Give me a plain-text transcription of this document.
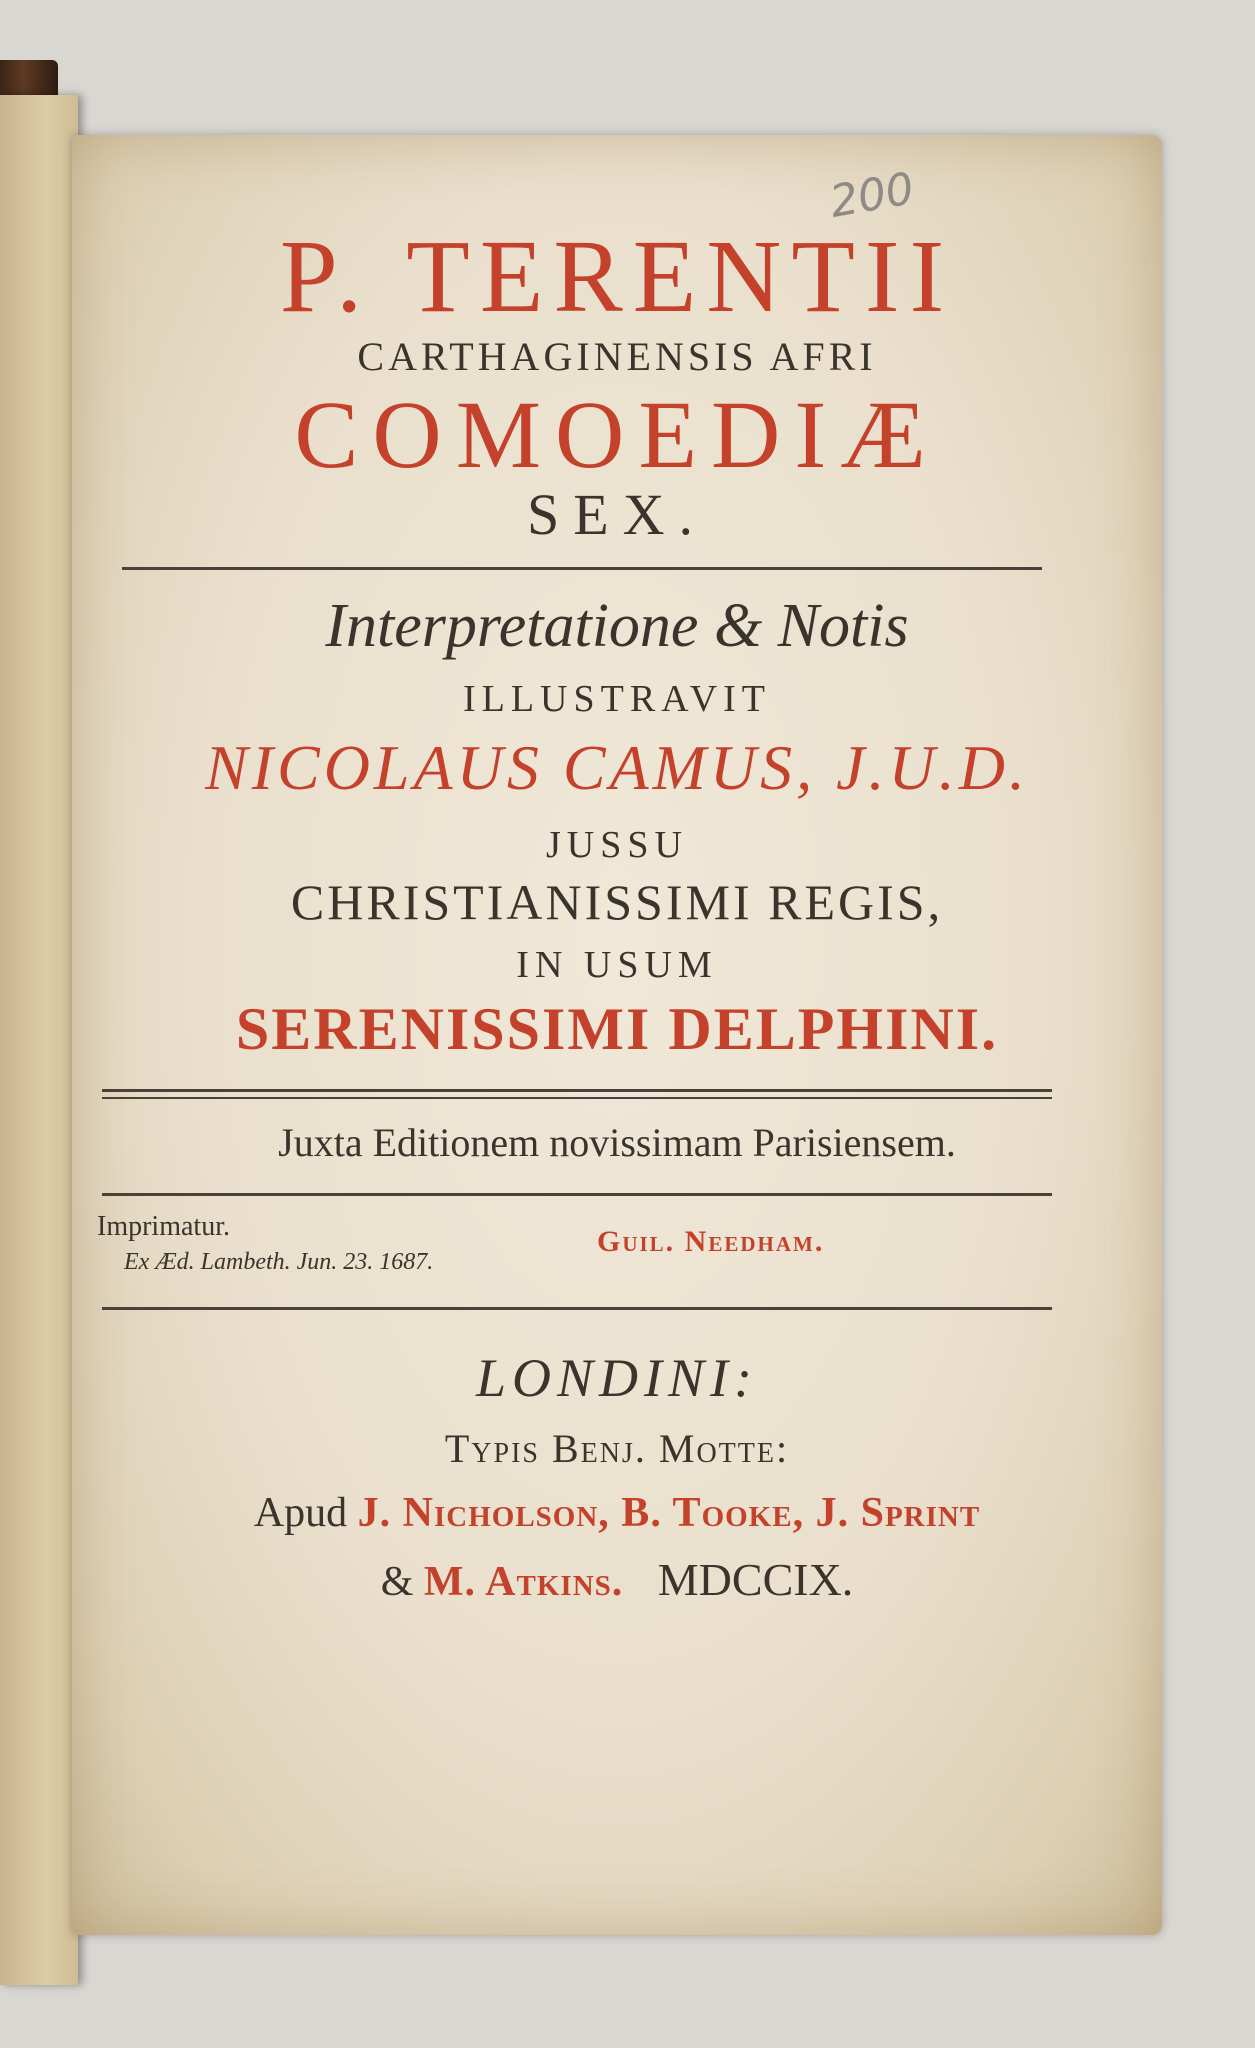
200
P. TERENTII
CARTHAGINENSIS AFRI
COMOEDIÆ
SEX.
Interpretatione & Notis
ILLUSTRAVIT
NICOLAUS CAMUS, J.U.D.
JUSSU
CHRISTIANISSIMI REGIS,
IN USUM
SERENISSIMI DELPHINI.
Juxta Editionem novissimam Parisiensem.
Imprimatur.
Ex Æd. Lambeth. Jun. 23. 1687.
Guil. Needham.
LONDINI:
Typis Benj. Motte:
Apud J. Nicholson, B. Tooke, J. Sprint
& M. Atkins. MDCCIX.
